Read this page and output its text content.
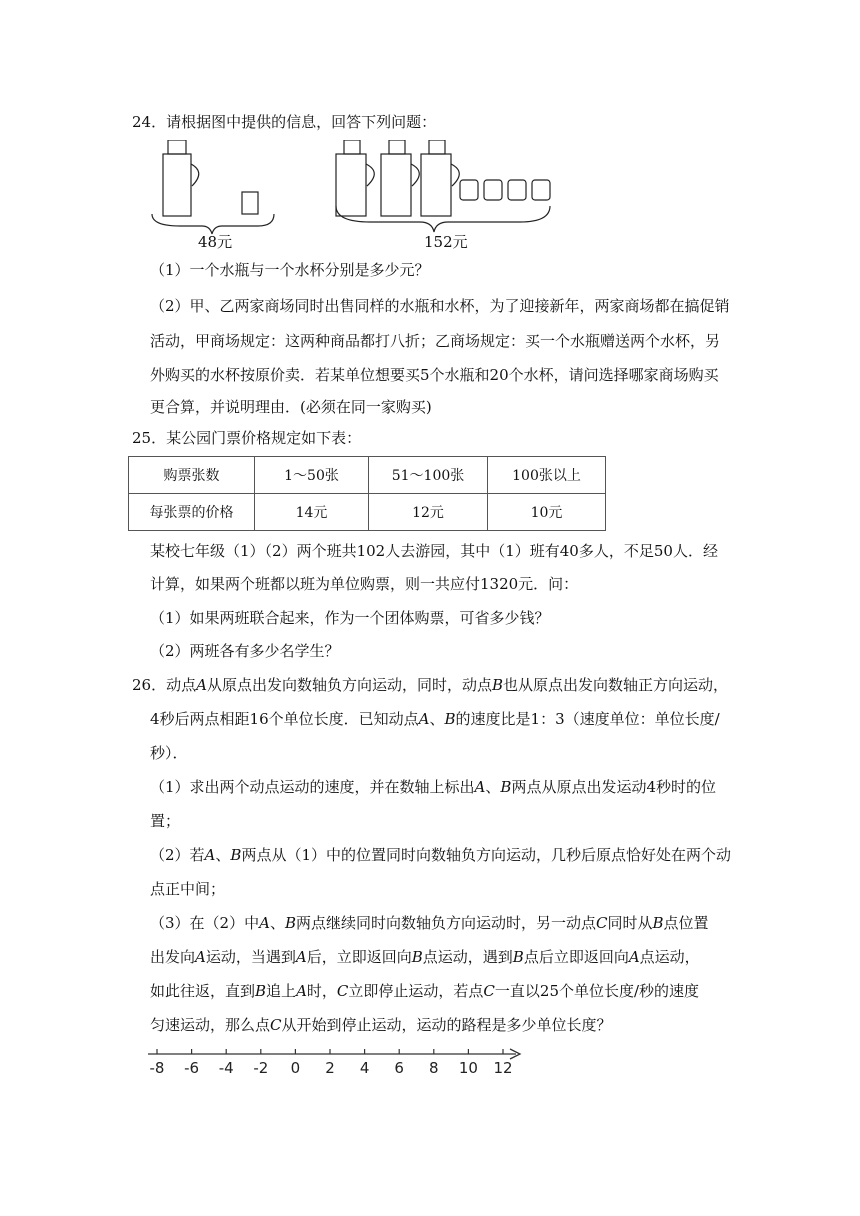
24．请根据图中提供的信息，回答下列问题：
48元	152元
（1）一个水瓶与一个水杯分别是多少元？
（2）甲、乙两家商场同时出售同样的水瓶和水杯，为了迎接新年，两家商场都在搞促销
活动，甲商场规定：这两种商品都打八折；乙商场规定：买一个水瓶赠送两个水杯，另
外购买的水杯按原价卖．若某单位想要买5个水瓶和20个水杯，请问选择哪家商场购买
更合算，并说明理由．(必须在同一家购买)
25．某公园门票价格规定如下表：
购票张数	1～50张	51～100张	100张以上
每张票的价格	14元	12元	10元
某校七年级（1）（2）两个班共102人去游园，其中（1）班有40多人，不足50人．经
计算，如果两个班都以班为单位购票，则一共应付1320元．问：
（1）如果两班联合起来，作为一个团体购票，可省多少钱？
（2）两班各有多少名学生？
26．动点A从原点出发向数轴负方向运动，同时，动点B也从原点出发向数轴正方向运动，
4秒后两点相距16个单位长度．已知动点A、B的速度比是1：3（速度单位：单位长度/
秒）．
（1）求出两个动点运动的速度，并在数轴上标出A、B两点从原点出发运动4秒时的位
置；
（2）若A、B两点从（1）中的位置同时向数轴负方向运动，几秒后原点恰好处在两个动
点正中间；
（3）在（2）中A、B两点继续同时向数轴负方向运动时，另一动点C同时从B点位置
出发向A运动，当遇到A后，立即返回向B点运动，遇到B点后立即返回向A点运动，
如此往返，直到B追上A时，C立即停止运动，若点C一直以25个单位长度/秒的速度
匀速运动，那么点C从开始到停止运动，运动的路程是多少单位长度？
-8 -6 -4 -2 0 2 4 6 8 10 12
